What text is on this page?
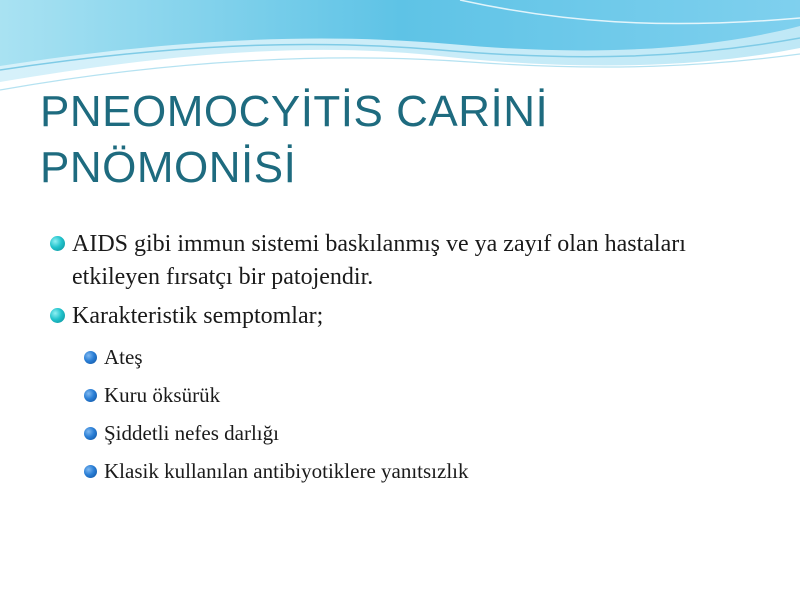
PNEOMOCYİTİS CARİNİ
PNÖMONİSİ
AIDS gibi immun sistemi baskılanmış ve ya zayıf olan hastaları etkileyen fırsatçı bir patojendir.
Karakteristik semptomlar;
Ateş
Kuru öksürük
Şiddetli nefes darlığı
Klasik kullanılan antibiyotiklere yanıtsızlık
